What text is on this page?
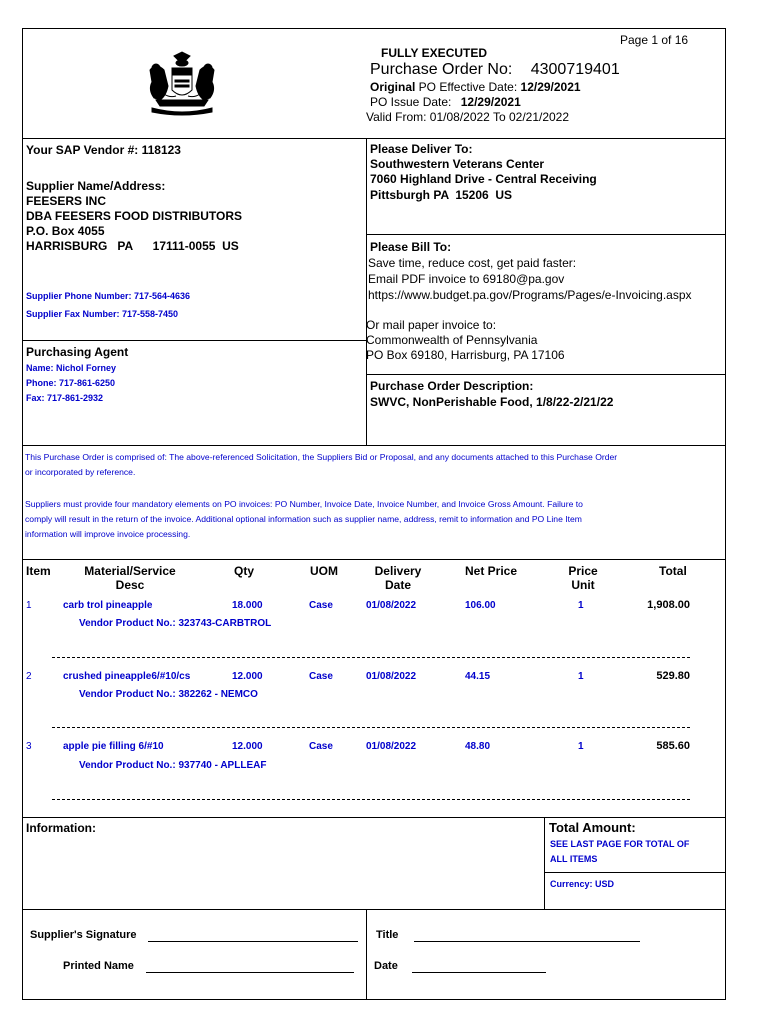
Page 1 of 16
FULLY EXECUTED
Purchase Order No: 4300719401
Original PO Effective Date: 12/29/2021
PO Issue Date: 12/29/2021
Valid From: 01/08/2022 To 02/21/2022
Your SAP Vendor #: 118123
Supplier Name/Address:
FEESERS INC
DBA FEESERS FOOD DISTRIBUTORS
P.O. Box 4055
HARRISBURG   PA      17111-0055  US
Supplier Phone Number: 717-564-4636
Supplier Fax Number: 717-558-7450
Purchasing Agent
Name: Nichol Forney
Phone: 717-861-6250
Fax: 717-861-2932
Please Deliver To:
Southwestern Veterans Center
7060 Highland Drive - Central Receiving
Pittsburgh PA  15206  US
Please Bill To:
Save time, reduce cost, get paid faster:
Email PDF invoice to 69180@pa.gov
https://www.budget.pa.gov/Programs/Pages/e-Invoicing.aspx
Or mail paper invoice to:
Commonwealth of Pennsylvania
PO Box 69180, Harrisburg, PA 17106
Purchase Order Description:
SWVC, NonPerishable Food, 1/8/22-2/21/22
This Purchase Order is comprised of: The above-referenced Solicitation, the Suppliers Bid or Proposal, and any documents attached to this Purchase Order
or incorporated by reference.
Suppliers must provide four mandatory elements on PO invoices: PO Number, Invoice Date, Invoice Number, and Invoice Gross Amount. Failure to
comply will result in the return of the invoice. Additional optional information such as supplier name, address, remit to information and PO Line Item
information will improve invoice processing.
Item	Material/Service
Desc
Qty	UOM	Delivery
Date
Net Price	Price
Unit
Total
1	carb trol pineapple	18.000	Case	01/08/2022	106.00	1	1,908.00
Vendor Product No.: 323743-CARBTROL
2	crushed pineapple6/#10/cs	12.000	Case	01/08/2022	44.15	1	529.80
Vendor Product No.: 382262 - NEMCO
3	apple pie filling 6/#10	12.000	Case	01/08/2022	48.80	1	585.60
Vendor Product No.: 937740 - APLLEAF
Information:	Total Amount:
SEE LAST PAGE FOR TOTAL OF
ALL ITEMS
Currency: USD
Supplier's Signature
Printed Name
Title
Date
